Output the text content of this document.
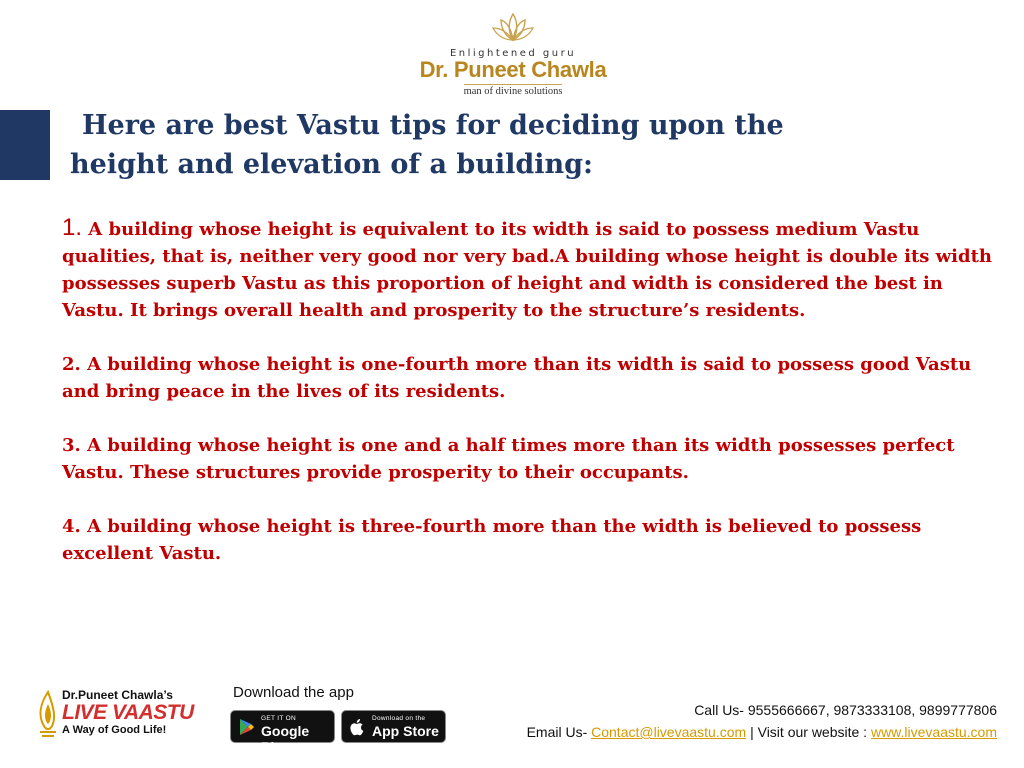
Enlightened guru
Dr. Puneet Chawla
man of divine solutions
Here are best Vastu tips for deciding upon the
height and elevation of a building:

1. A building whose height is equivalent to its width is said to possess medium Vastu qualities, that is, neither very good nor very bad.A building whose height is double its width possesses superb Vastu as this proportion of height and width is considered the best in Vastu. It brings overall health and prosperity to the structure’s residents.

2. A building whose height is one-fourth more than its width is said to possess good Vastu and bring peace in the lives of its residents.

3. A building whose height is one and a half times more than its width possesses perfect Vastu. These structures provide prosperity to their occupants.

4. A building whose height is three-fourth more than the width is believed to possess excellent Vastu.

Dr.Puneet Chawla’s
LIVE VAASTU
A Way of Good Life!
Download the app
GET IT ON
Google Play
Download on the
App Store
Call Us- 9555666667, 9873333108, 9899777806
Email Us- Contact@livevaastu.com | Visit our website : www.livevaastu.com
